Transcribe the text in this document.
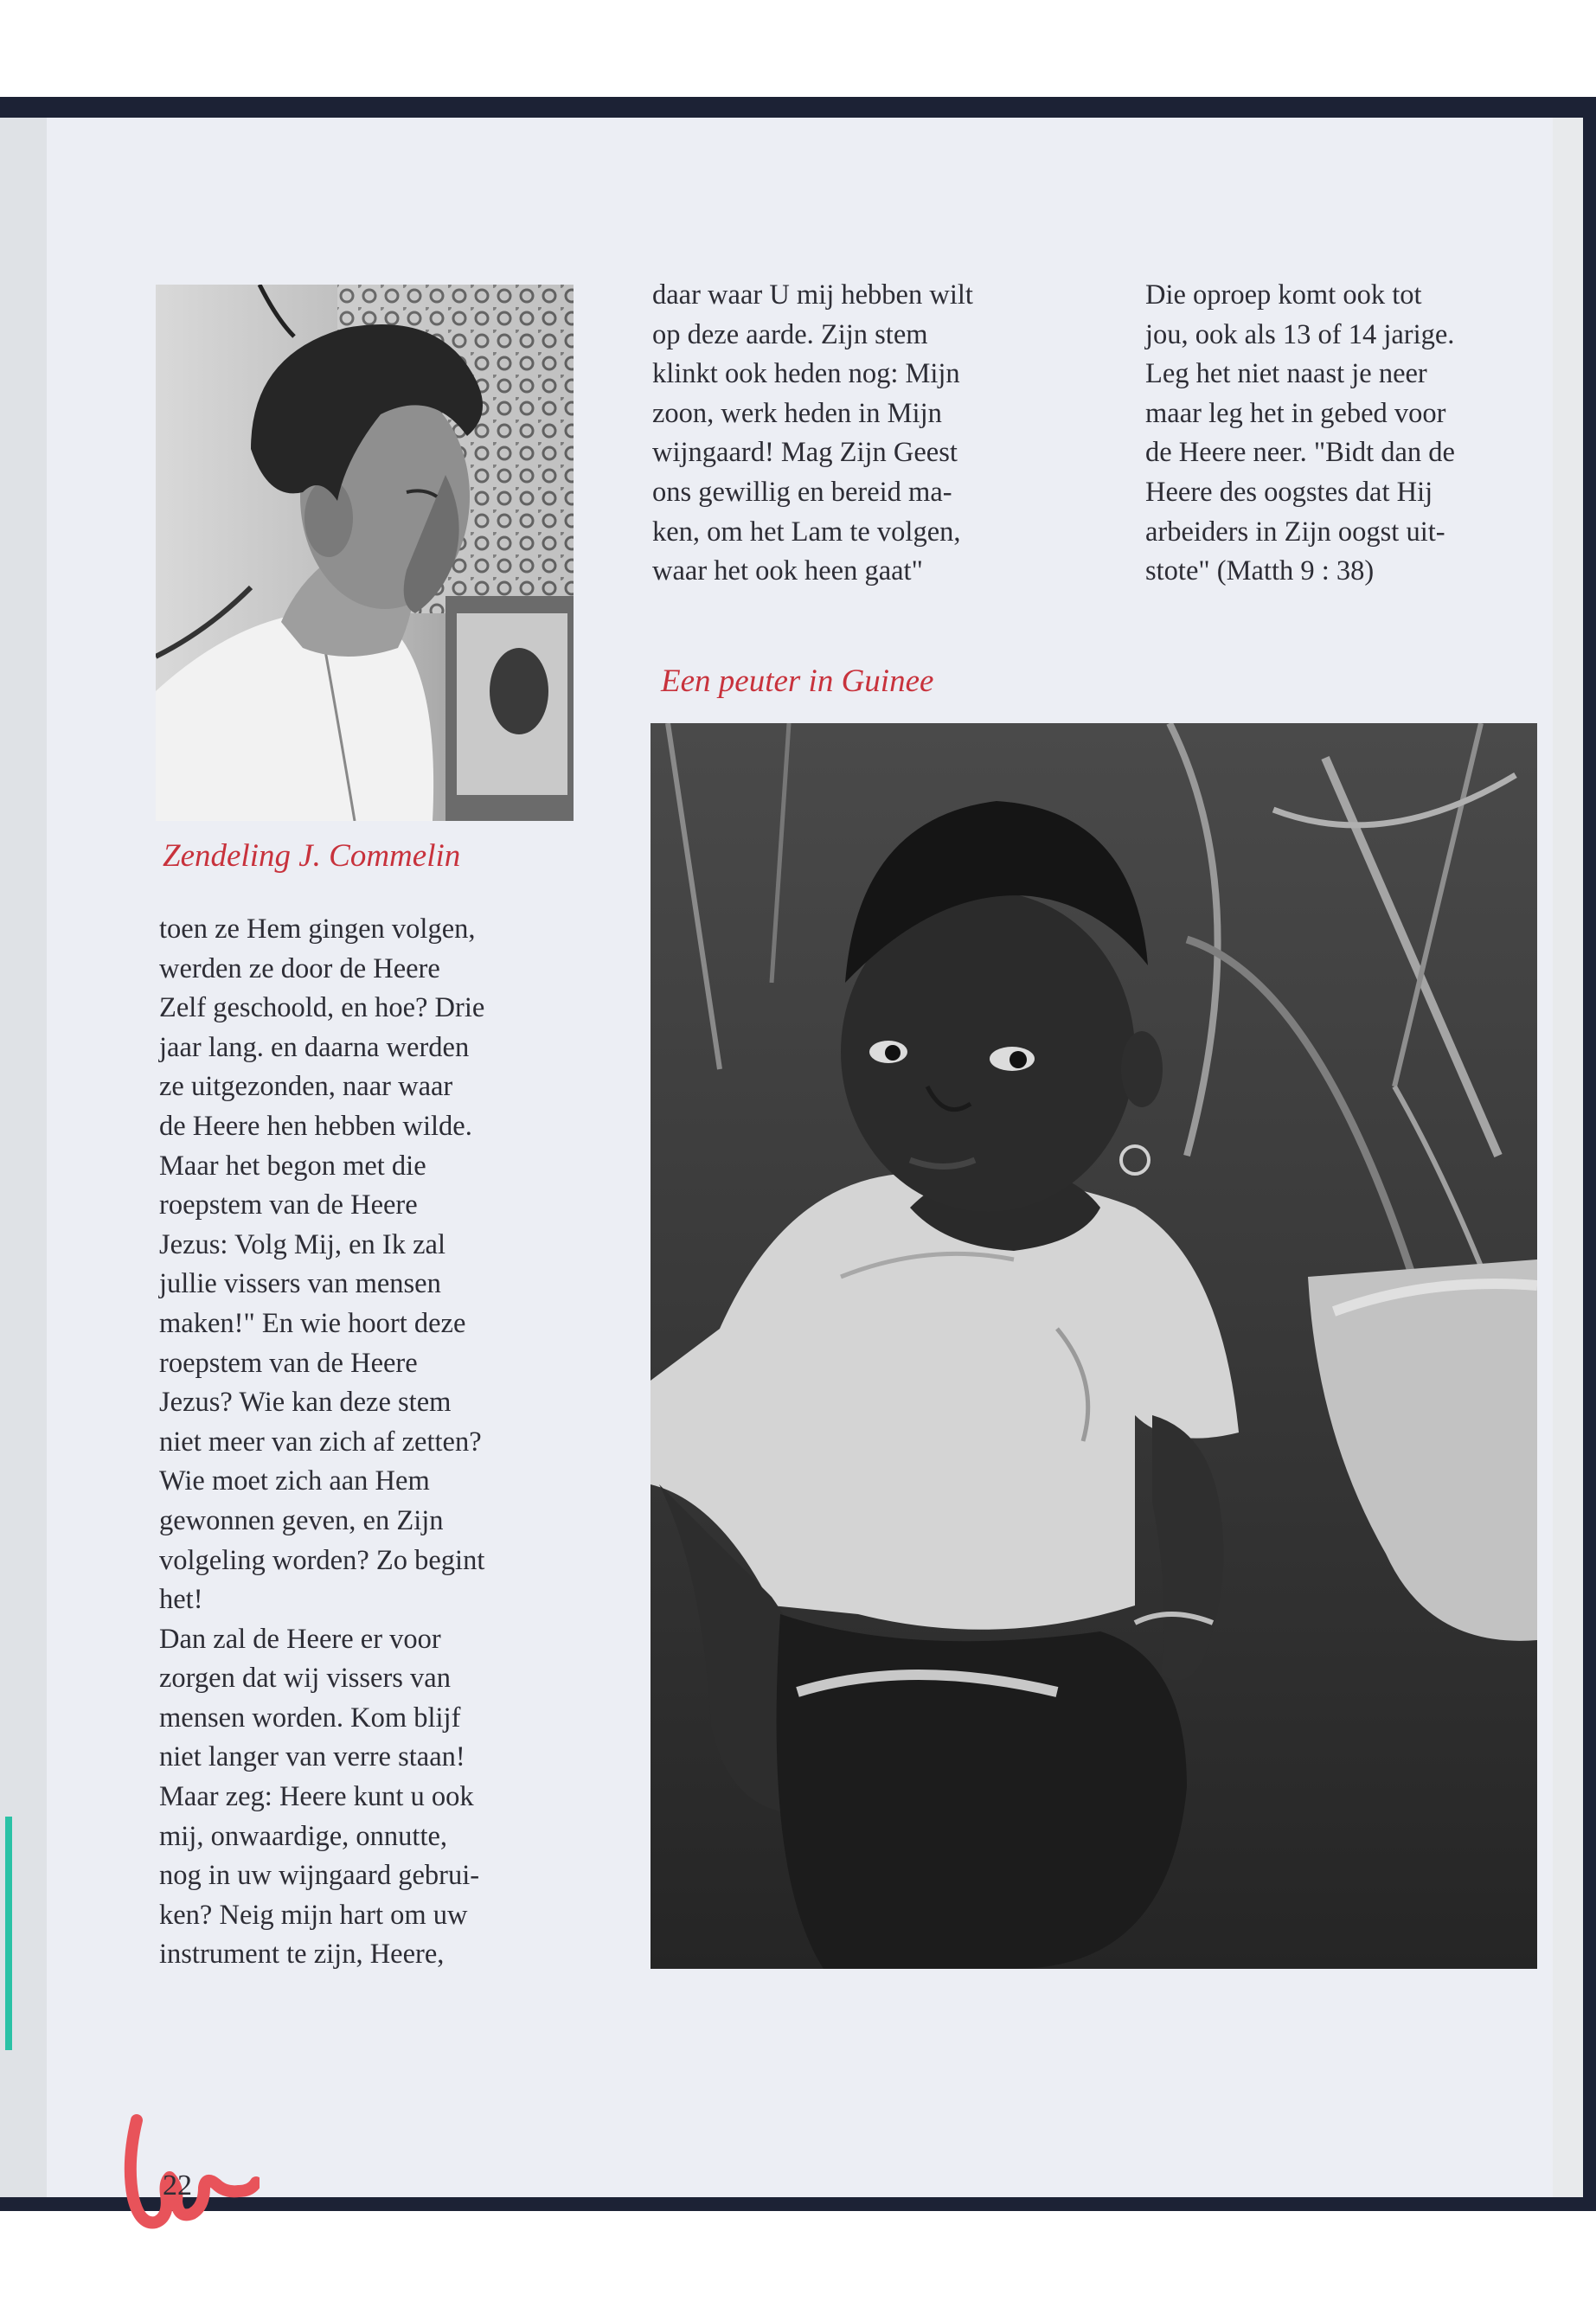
Zendeling J. Commelin
toen ze Hem gingen volgen,
werden ze door de Heere
Zelf geschoold, en hoe? Drie
jaar lang. en daarna werden
ze uitgezonden, naar waar
de Heere hen hebben wilde.
Maar het begon met die
roepstem van de Heere
Jezus: Volg Mij, en Ik zal
jullie vissers van mensen
maken!" En wie hoort deze
roepstem van de Heere
Jezus? Wie kan deze stem
niet meer van zich af zetten?
Wie moet zich aan Hem
gewonnen geven, en Zijn
volgeling worden? Zo begint
het!
Dan zal de Heere er voor
zorgen dat wij vissers van
mensen worden. Kom blijf
niet langer van verre staan!
Maar zeg: Heere kunt u ook
mij, onwaardige, onnutte,
nog in uw wijngaard gebrui-
ken? Neig mijn hart om uw
instrument te zijn, Heere,
daar waar U mij hebben wilt
op deze aarde. Zijn stem
klinkt ook heden nog: Mijn
zoon, werk heden in Mijn
wijngaard! Mag Zijn Geest
ons gewillig en bereid ma-
ken, om het Lam te volgen,
waar het ook heen gaat"
Die oproep komt ook tot
jou, ook als 13 of 14 jarige.
Leg het niet naast je neer
maar leg het in gebed voor
de Heere neer. "Bidt dan de
Heere des oogstes dat Hij
arbeiders in Zijn oogst uit-
stote" (Matth 9 : 38)
Een peuter in Guinee
22
